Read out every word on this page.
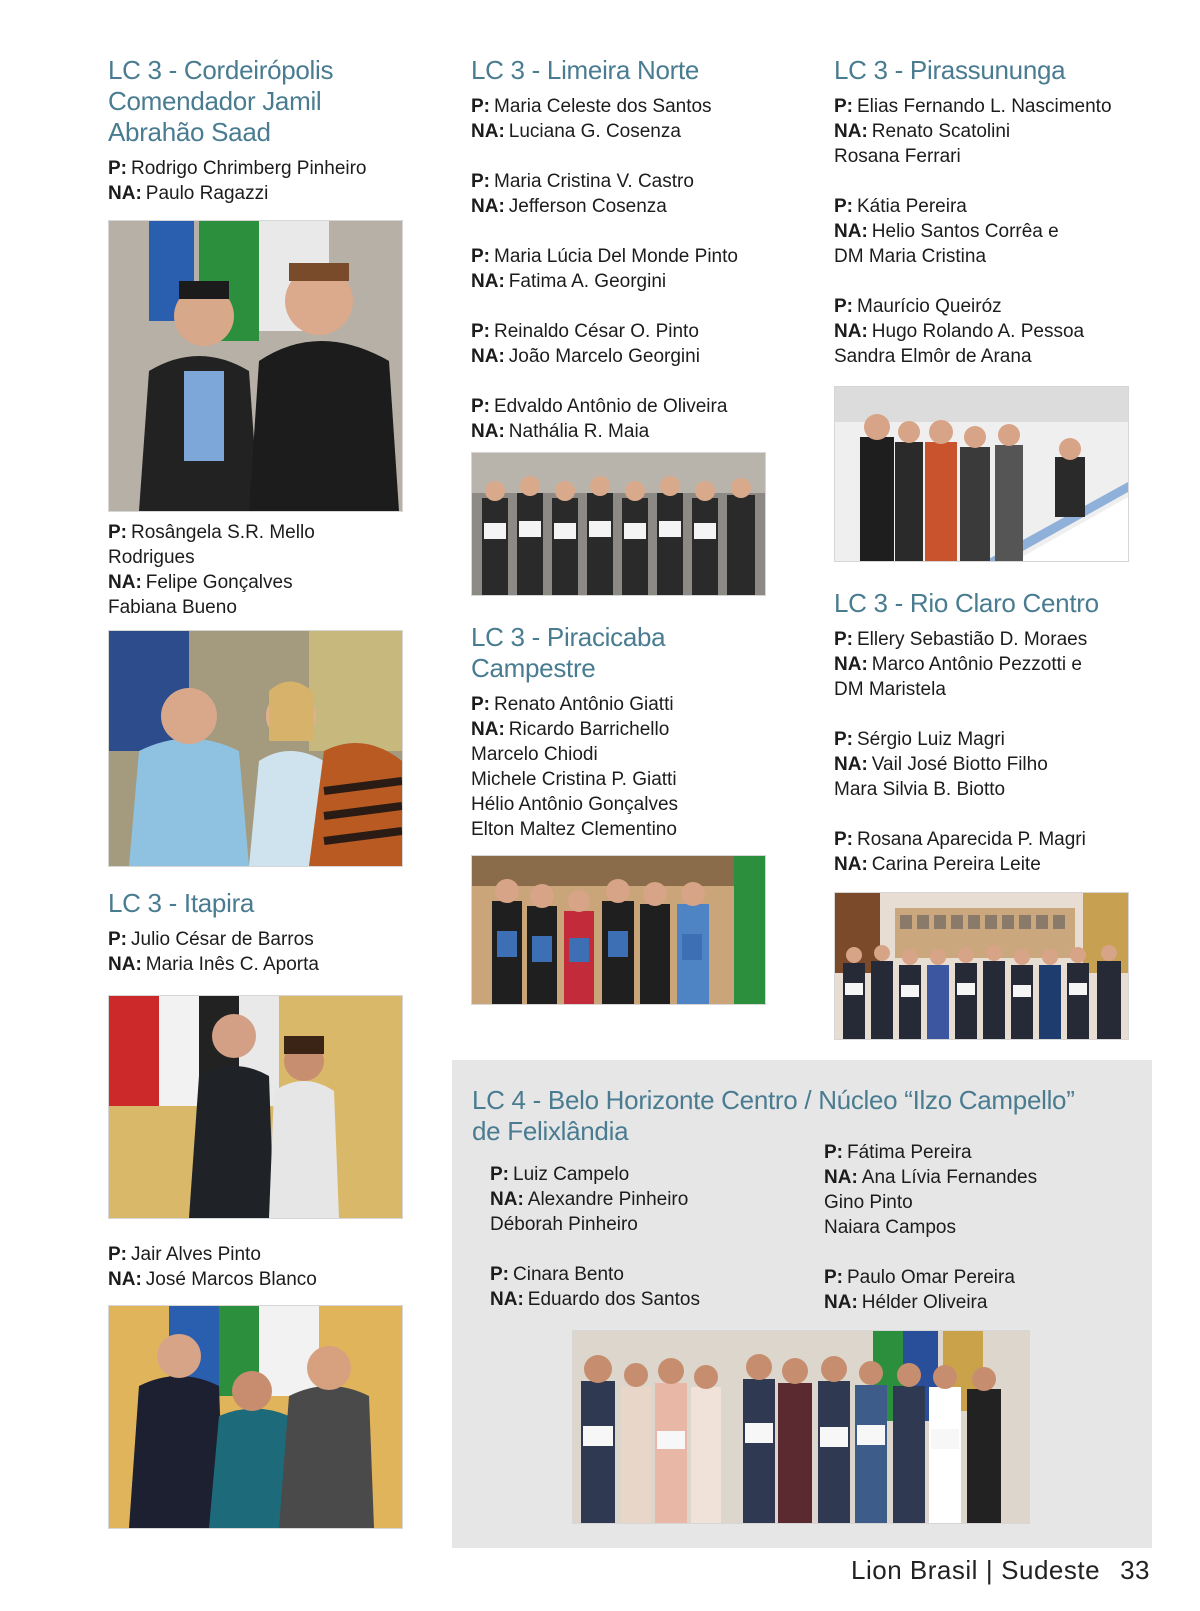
LC 3 - Cordeirópolis
Comendador Jamil
Abrahão Saad
P: Rodrigo Chrimberg Pinheiro
NA: Paulo Ragazzi
P: Rosângela S.R. Mello
Rodrigues
NA: Felipe Gonçalves
Fabiana Bueno
LC 3 - Itapira
P: Julio César de Barros
NA: Maria Inês C. Aporta
P: Jair Alves Pinto
NA: José Marcos Blanco
LC 3 - Limeira Norte
P: Maria Celeste dos Santos
NA: Luciana G. Cosenza
P: Maria Cristina V. Castro
NA: Jefferson Cosenza
P: Maria Lúcia Del Monde Pinto
NA: Fatima A. Georgini
P: Reinaldo César O. Pinto
NA: João Marcelo Georgini
P: Edvaldo Antônio de Oliveira
NA: Nathália R. Maia
LC 3 - Piracicaba
Campestre
P: Renato Antônio Giatti
NA: Ricardo Barrichello
Marcelo Chiodi
Michele Cristina P. Giatti
Hélio Antônio Gonçalves
Elton Maltez Clementino
LC 3 - Pirassununga
P: Elias Fernando L. Nascimento
NA: Renato Scatolini
Rosana Ferrari
P: Kátia Pereira
NA: Helio Santos Corrêa e
DM Maria Cristina
P: Maurício Queiróz
NA: Hugo Rolando A. Pessoa
Sandra Elmôr de Arana
LC 3 - Rio Claro Centro
P: Ellery Sebastião D. Moraes
NA: Marco Antônio Pezzotti e
DM Maristela
P: Sérgio Luiz Magri
NA: Vail José Biotto Filho
Mara Silvia B. Biotto
P: Rosana Aparecida P. Magri
NA: Carina Pereira Leite
LC 4 - Belo Horizonte Centro / Núcleo “Ilzo Campello”
de Felixlândia
P: Luiz Campelo
NA: Alexandre Pinheiro
Déborah Pinheiro
P: Cinara Bento
NA: Eduardo dos Santos
P: Fátima Pereira
NA: Ana Lívia Fernandes
Gino Pinto
Naiara Campos
P: Paulo Omar Pereira
NA: Hélder Oliveira
Lion Brasil | Sudeste 33
